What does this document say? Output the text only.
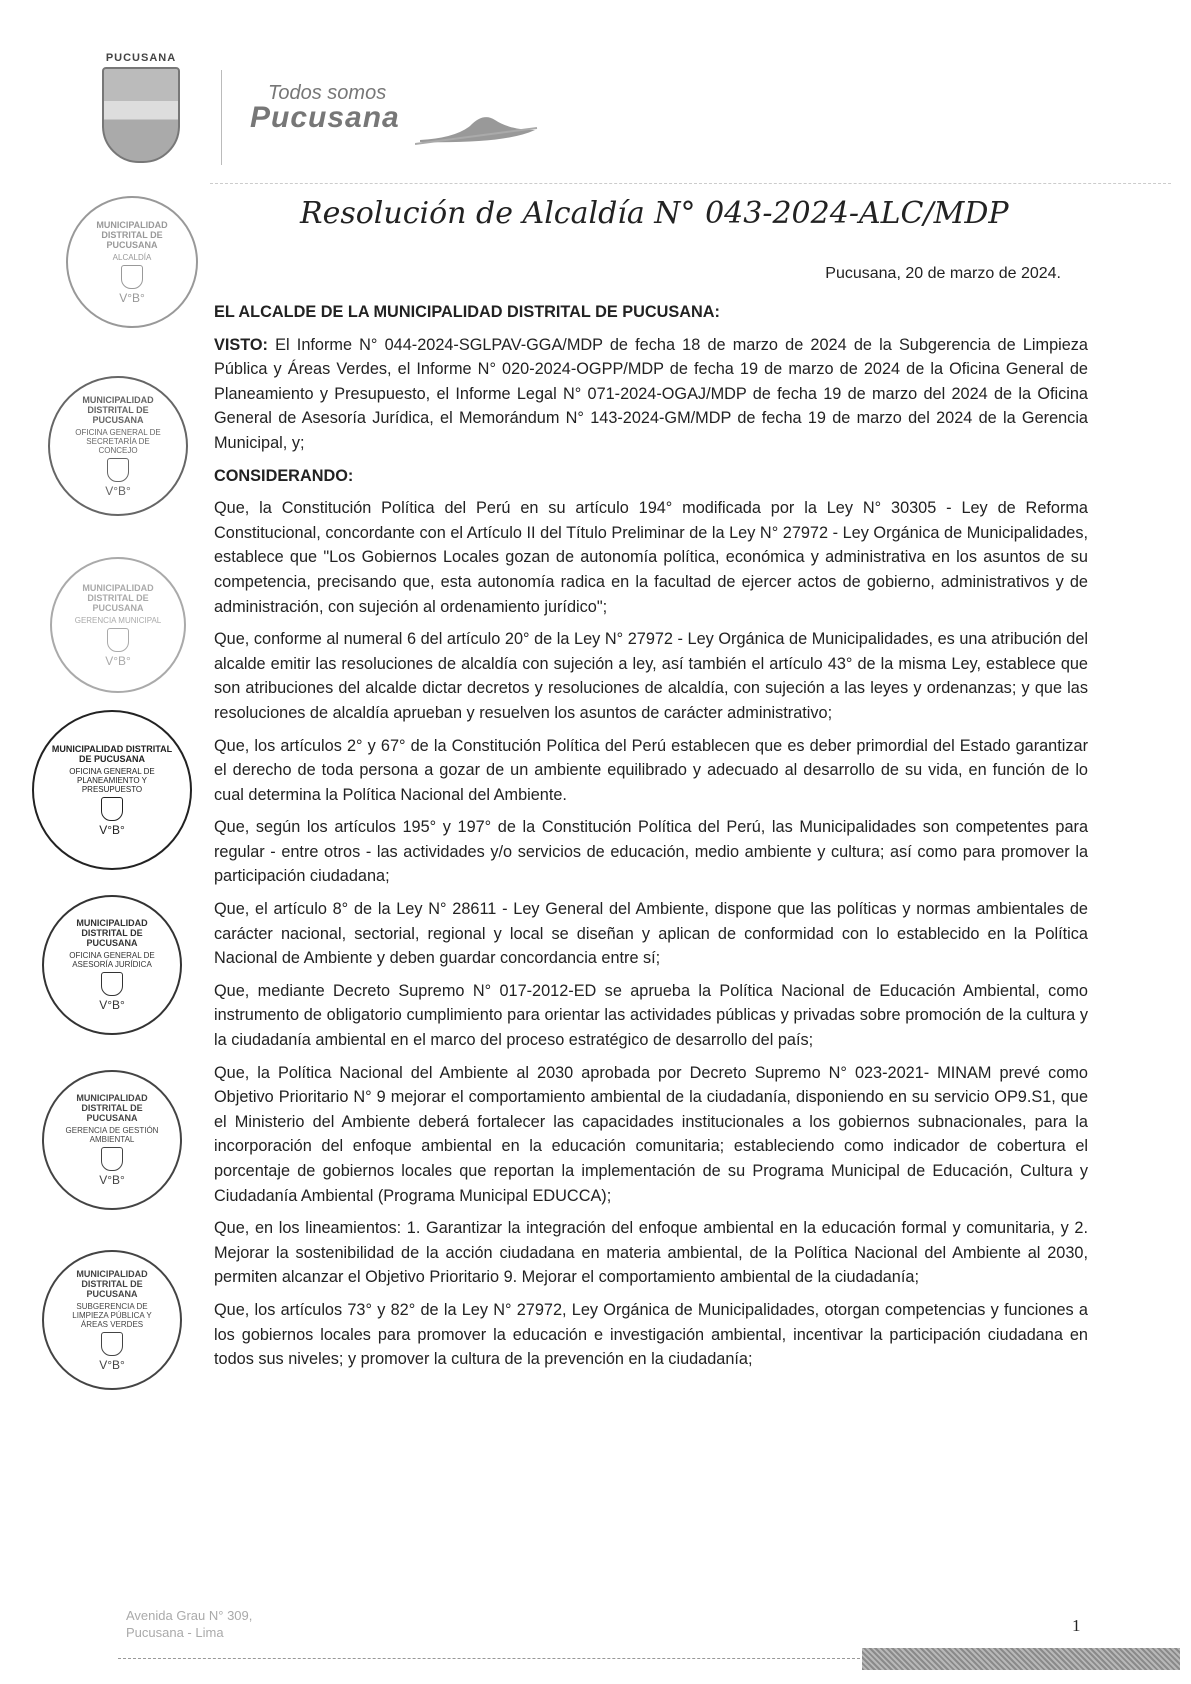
PUCUSANA
Todos somos
Pucusana
Resolución de Alcaldía N° 043-2024-ALC/MDP
Pucusana, 20 de marzo de 2024.
MUNICIPALIDAD DISTRITAL DE PUCUSANA
ALCALDÍA
V°B°
MUNICIPALIDAD DISTRITAL DE PUCUSANA
OFICINA GENERAL DE SECRETARÍA DE CONCEJO
V°B°
MUNICIPALIDAD DISTRITAL DE PUCUSANA
GERENCIA MUNICIPAL
V°B°
MUNICIPALIDAD DISTRITAL DE PUCUSANA
OFICINA GENERAL DE PLANEAMIENTO Y PRESUPUESTO
V°B°
MUNICIPALIDAD DISTRITAL DE PUCUSANA
OFICINA GENERAL DE ASESORÍA JURÍDICA
V°B°
MUNICIPALIDAD DISTRITAL DE PUCUSANA
GERENCIA DE GESTIÓN AMBIENTAL
V°B°
MUNICIPALIDAD DISTRITAL DE PUCUSANA
SUBGERENCIA DE LIMPIEZA PÚBLICA Y ÁREAS VERDES
V°B°

EL ALCALDE DE LA MUNICIPALIDAD DISTRITAL DE PUCUSANA:

VISTO: El Informe N° 044-2024-SGLPAV-GGA/MDP de fecha 18 de marzo de 2024 de la Subgerencia de Limpieza Pública y Áreas Verdes, el Informe N° 020-2024-OGPP/MDP de fecha 19 de marzo de 2024 de la Oficina General de Planeamiento y Presupuesto, el Informe Legal N° 071-2024-OGAJ/MDP de fecha 19 de marzo del 2024 de la Oficina General de Asesoría Jurídica, el Memorándum N° 143-2024-GM/MDP de fecha 19 de marzo del 2024 de la Gerencia Municipal, y;

CONSIDERANDO:

Que, la Constitución Política del Perú en su artículo 194° modificada por la Ley N° 30305 - Ley de Reforma Constitucional, concordante con el Artículo II del Título Preliminar de la Ley N° 27972 - Ley Orgánica de Municipalidades, establece que "Los Gobiernos Locales gozan de autonomía política, económica y administrativa en los asuntos de su competencia, precisando que, esta autonomía radica en la facultad de ejercer actos de gobierno, administrativos y de administración, con sujeción al ordenamiento jurídico";

Que, conforme al numeral 6 del artículo 20° de la Ley N° 27972 - Ley Orgánica de Municipalidades, es una atribución del alcalde emitir las resoluciones de alcaldía con sujeción a ley, así también el artículo 43° de la misma Ley, establece que son atribuciones del alcalde dictar decretos y resoluciones de alcaldía, con sujeción a las leyes y ordenanzas; y que las resoluciones de alcaldía aprueban y resuelven los asuntos de carácter administrativo;

Que, los artículos 2° y 67° de la Constitución Política del Perú establecen que es deber primordial del Estado garantizar el derecho de toda persona a gozar de un ambiente equilibrado y adecuado al desarrollo de su vida, en función de lo cual determina la Política Nacional del Ambiente.

Que, según los artículos 195° y 197° de la Constitución Política del Perú, las Municipalidades son competentes para regular - entre otros - las actividades y/o servicios de educación, medio ambiente y cultura; así como para promover la participación ciudadana;

Que, el artículo 8° de la Ley N° 28611 - Ley General del Ambiente, dispone que las políticas y normas ambientales de carácter nacional, sectorial, regional y local se diseñan y aplican de conformidad con lo establecido en la Política Nacional de Ambiente y deben guardar concordancia entre sí;

Que, mediante Decreto Supremo N° 017-2012-ED se aprueba la Política Nacional de Educación Ambiental, como instrumento de obligatorio cumplimiento para orientar las actividades públicas y privadas sobre promoción de la cultura y la ciudadanía ambiental en el marco del proceso estratégico de desarrollo del país;

Que, la Política Nacional del Ambiente al 2030 aprobada por Decreto Supremo N° 023-2021- MINAM prevé como Objetivo Prioritario N° 9 mejorar el comportamiento ambiental de la ciudadanía, disponiendo en su servicio OP9.S1, que el Ministerio del Ambiente deberá fortalecer las capacidades institucionales a los gobiernos subnacionales, para la incorporación del enfoque ambiental en la educación comunitaria; estableciendo como indicador de cobertura el porcentaje de gobiernos locales que reportan la implementación de su Programa Municipal de Educación, Cultura y Ciudadanía Ambiental (Programa Municipal EDUCCA);

Que, en los lineamientos: 1. Garantizar la integración del enfoque ambiental en la educación formal y comunitaria, y 2. Mejorar la sostenibilidad de la acción ciudadana en materia ambiental, de la Política Nacional del Ambiente al 2030, permiten alcanzar el Objetivo Prioritario 9. Mejorar el comportamiento ambiental de la ciudadanía;

Que, los artículos 73° y 82° de la Ley N° 27972, Ley Orgánica de Municipalidades, otorgan competencias y funciones a los gobiernos locales para promover la educación e investigación ambiental, incentivar la participación ciudadana en todos sus niveles; y promover la cultura de la prevención en la ciudadanía;

Avenida Grau N° 309,
Pucusana - Lima	1
